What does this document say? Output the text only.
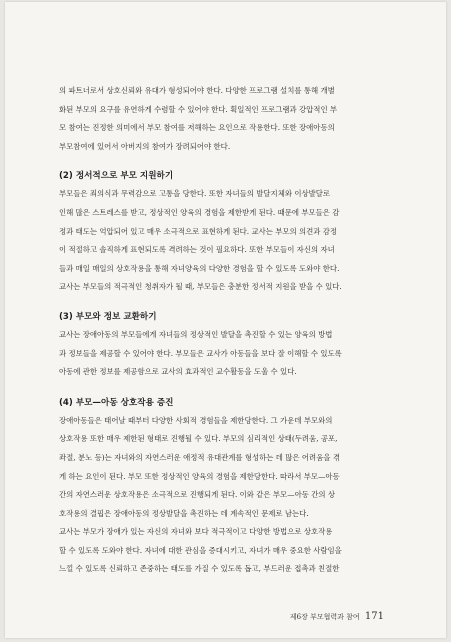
의 파트너로서 상호신뢰와 유대가 형성되어야 한다. 다양한 프로그램 설치를 통해 개별
화된 부모의 요구를 유연하게 수렴할 수 있어야 한다. 획일적인 프로그램과 강압적인 부
모 참여는 진정한 의미에서 부모 참여를 저해하는 요인으로 작용한다. 또한 장애아동의
부모참여에 있어서 아버지의 참여가 장려되어야 한다.

(2) 정서적으로 부모 지원하기

부모들은 죄의식과 무력감으로 고통을 당한다. 또한 자녀들의 발달지체와 이상발달로
인해 많은 스트레스를 받고, 정상적인 양육의 경험을 제한받게 된다. 때문에 부모들은 감
정과 태도는 억압되어 있고 매우 소극적으로 표현하게 된다. 교사는 부모의 의견과 감정
이 적절하고 솔직하게 표현되도록 격려하는 것이 필요하다. 또한 부모들이 자신의 자녀
들과 매일 매일의 상호작용을 통해 자녀양육의 다양한 경험을 할 수 있도록 도와야 한다.
교사는 부모들의 적극적인 청취자가 될 때, 부모들은 충분한 정서적 지원을 받을 수 있다.

(3) 부모와 정보 교환하기

교사는 장애아동의 부모들에게 자녀들의 정상적인 발달을 촉진할 수 있는 양육의 방법
과 정보들을 제공할 수 있어야 한다. 부모들은 교사가 아동들을 보다 잘 이해할 수 있도록
아동에 관한 정보를 제공함으로 교사의 효과적인 교수활동을 도울 수 있다.

(4) 부모—아동 상호작용 증진

장애아동들은 태어날 때부터 다양한 사회적 경험들을 제한당한다. 그 가운데 부모와의
상호작용 또한 매우 제한된 형태로 진행될 수 있다. 부모의 심리적인 상태(두려움, 공포,
좌절, 분노 등)는 자녀와의 자연스러운 애정적 유대관계를 형성하는 데 많은 어려움을 겪
게 하는 요인이 된다. 부모 또한 정상적인 양육의 경험을 제한당한다. 따라서 부모—아동
간의 자연스러운 상호작용은 소극적으로 진행되게 된다. 이와 같은 부모—아동 간의 상
호작용의 결핍은 장애아동의 정상발달을 촉진하는 데 계속적인 문제로 남는다.
교사는 부모가 장애가 있는 자신의 자녀와 보다 적극적이고 다양한 방법으로 상호작용
할 수 있도록 도와야 한다. 자녀에 대한 관심을 증대시키고, 자녀가 매우 중요한 사람임을
느낄 수 있도록 신뢰하고 존중하는 태도를 가질 수 있도록 돕고, 부드러운 접촉과 친절한

제6장 부모협력과 참여 171
